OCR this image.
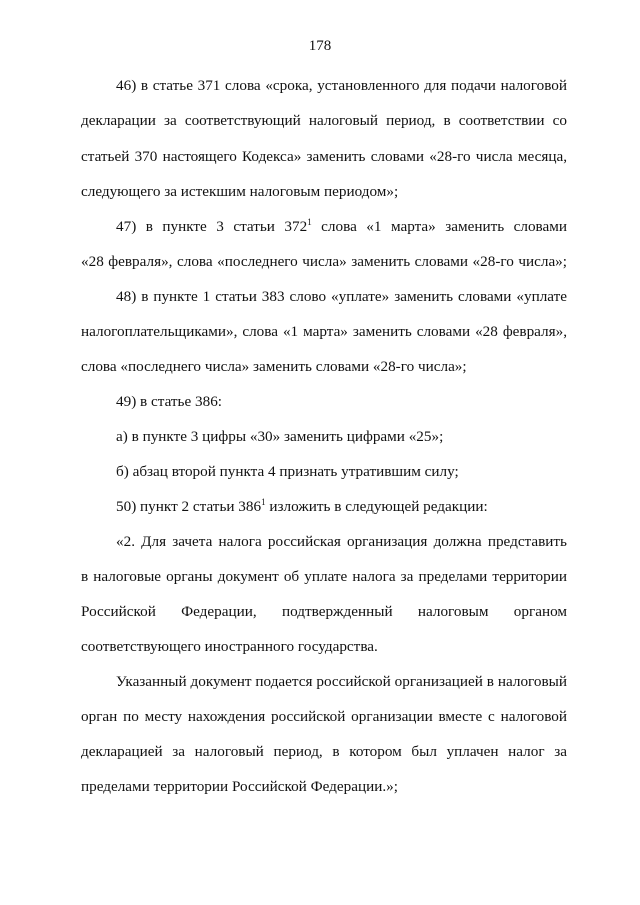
178
46) в статье 371 слова «срока, установленного для подачи налоговой
декларации за соответствующий налоговый период, в соответствии со
статьей 370 настоящего Кодекса» заменить словами «28-го числа месяца,
следующего за истекшим налоговым периодом»;
47) в пункте 3 статьи $372^1$ слова «1 марта» заменить словами
«28 февраля», слова «последнего числа» заменить словами «28-го числа»;
48) в пункте 1 статьи 383 слово «уплате» заменить словами «уплате
налогоплательщиками», слова «1 марта» заменить словами «28 февраля»,
слова «последнего числа» заменить словами «28-го числа»;
49) в статье 386:
а) в пункте 3 цифры «30» заменить цифрами «25»;
б) абзац второй пункта 4 признать утратившим силу;
50) пункт 2 статьи $386^1$ изложить в следующей редакции:
«2. Для зачета налога российская организация должна представить
в налоговые органы документ об уплате налога за пределами территории
Российской Федерации, подтвержденный налоговым органом
соответствующего иностранного государства.
Указанный документ подается российской организацией в налоговый
орган по месту нахождения российской организации вместе с налоговой
декларацией за налоговый период, в котором был уплачен налог за
пределами территории Российской Федерации.»;
